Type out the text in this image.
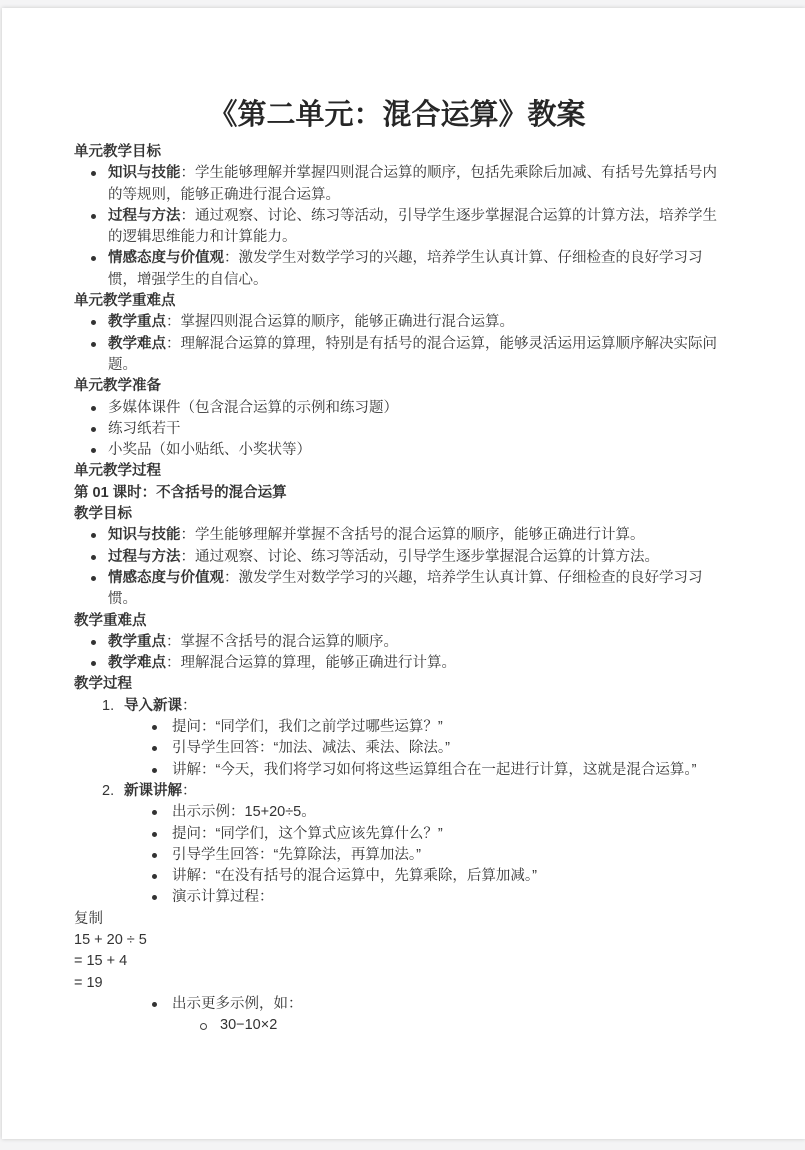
《第二单元：混合运算》教案
单元教学目标
知识与技能：学生能够理解并掌握四则混合运算的顺序，包括先乘除后加减、有括号先算括号内的等规则，能够正确进行混合运算。
过程与方法：通过观察、讨论、练习等活动，引导学生逐步掌握混合运算的计算方法，培养学生的逻辑思维能力和计算能力。
情感态度与价值观：激发学生对数学学习的兴趣，培养学生认真计算、仔细检查的良好学习习惯，增强学生的自信心。
单元教学重难点
教学重点：掌握四则混合运算的顺序，能够正确进行混合运算。
教学难点：理解混合运算的算理，特别是有括号的混合运算，能够灵活运用运算顺序解决实际问题。
单元教学准备
多媒体课件（包含混合运算的示例和练习题）
练习纸若干
小奖品（如小贴纸、小奖状等）
单元教学过程
第 01 课时：不含括号的混合运算
教学目标
知识与技能：学生能够理解并掌握不含括号的混合运算的顺序，能够正确进行计算。
过程与方法：通过观察、讨论、练习等活动，引导学生逐步掌握混合运算的计算方法。
情感态度与价值观：激发学生对数学学习的兴趣，培养学生认真计算、仔细检查的良好学习习惯。
教学重难点
教学重点：掌握不含括号的混合运算的顺序。
教学难点：理解混合运算的算理，能够正确进行计算。
教学过程
1. 导入新课：
提问：“同学们，我们之前学过哪些运算？”
引导学生回答：“加法、减法、乘法、除法。”
讲解：“今天，我们将学习如何将这些运算组合在一起进行计算，这就是混合运算。”
2. 新课讲解：
出示示例：15+20÷5。
提问：“同学们，这个算式应该先算什么？”
引导学生回答：“先算除法，再算加法。”
讲解：“在没有括号的混合运算中，先算乘除，后算加减。”
演示计算过程：
复制
15 + 20 ÷ 5
= 15 + 4
= 19
出示更多示例，如：
30−10×2
